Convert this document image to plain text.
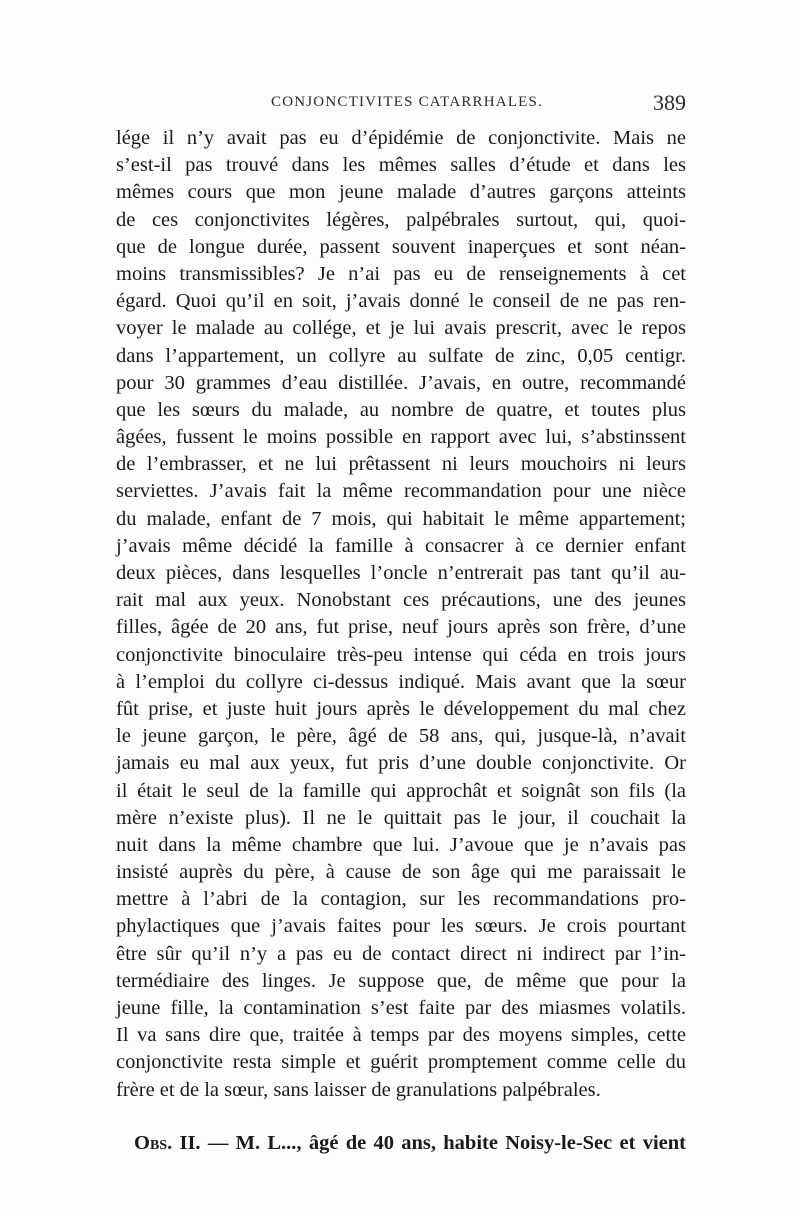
CONJONCTIVITES CATARRHALES.	389
lége il n’y avait pas eu d’épidémie de conjonctivite. Mais ne
s’est-il pas trouvé dans les mêmes salles d’étude et dans les
mêmes cours que mon jeune malade d’autres garçons atteints
de ces conjonctivites légères, palpébrales surtout, qui, quoi-
que de longue durée, passent souvent inaperçues et sont néan-
moins transmissibles? Je n’ai pas eu de renseignements à cet
égard. Quoi qu’il en soit, j’avais donné le conseil de ne pas ren-
voyer le malade au collége, et je lui avais prescrit, avec le repos
dans l’appartement, un collyre au sulfate de zinc, 0,05 centigr.
pour 30 grammes d’eau distillée. J’avais, en outre, recommandé
que les sœurs du malade, au nombre de quatre, et toutes plus
âgées, fussent le moins possible en rapport avec lui, s’abstinssent
de l’embrasser, et ne lui prêtassent ni leurs mouchoirs ni leurs
serviettes. J’avais fait la même recommandation pour une nièce
du malade, enfant de 7 mois, qui habitait le même appartement;
j’avais même décidé la famille à consacrer à ce dernier enfant
deux pièces, dans lesquelles l’oncle n’entrerait pas tant qu’il au-
rait mal aux yeux. Nonobstant ces précautions, une des jeunes
filles, âgée de 20 ans, fut prise, neuf jours après son frère, d’une
conjonctivite binoculaire très-peu intense qui céda en trois jours
à l’emploi du collyre ci-dessus indiqué. Mais avant que la sœur
fût prise, et juste huit jours après le développement du mal chez
le jeune garçon, le père, âgé de 58 ans, qui, jusque-là, n’avait
jamais eu mal aux yeux, fut pris d’une double conjonctivite. Or
il était le seul de la famille qui approchât et soignât son fils (la
mère n’existe plus). Il ne le quittait pas le jour, il couchait la
nuit dans la même chambre que lui. J’avoue que je n’avais pas
insisté auprès du père, à cause de son âge qui me paraissait le
mettre à l’abri de la contagion, sur les recommandations pro-
phylactiques que j’avais faites pour les sœurs. Je crois pourtant
être sûr qu’il n’y a pas eu de contact direct ni indirect par l’in-
termédiaire des linges. Je suppose que, de même que pour la
jeune fille, la contamination s’est faite par des miasmes volatils.
Il va sans dire que, traitée à temps par des moyens simples, cette
conjonctivite resta simple et guérit promptement comme celle du
frère et de la sœur, sans laisser de granulations palpébrales.
Obs. II. — M. L..., âgé de 40 ans, habite Noisy-le-Sec et vient
